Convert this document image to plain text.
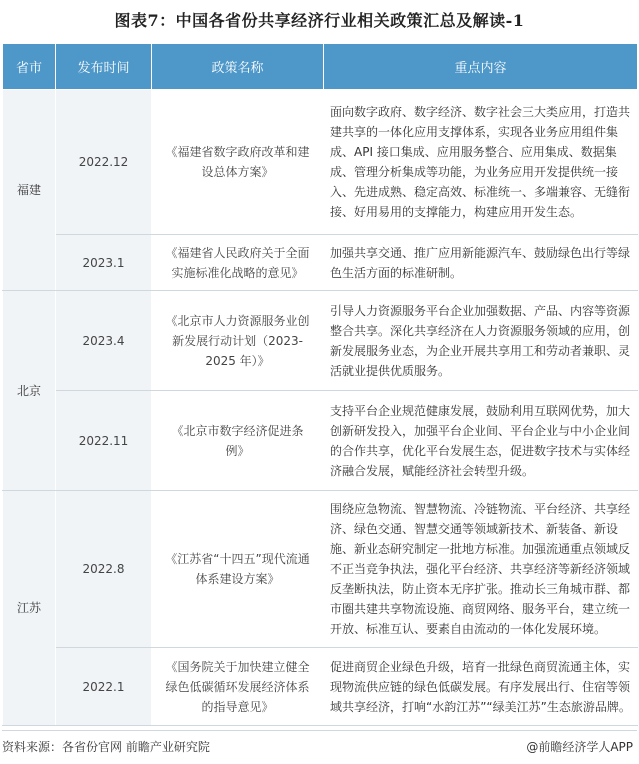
图表7：中国各省份共享经济行业相关政策汇总及解读-1
省市	发布时间	政策名称	重点内容
福建	2022.12	《福建省数字政府改革和建设总体方案》	面向数字政府、数字经济、数字社会三大类应用，打造共建共享的一体化应用支撑体系，实现各业务应用组件集成、API 接口集成、应用服务整合、应用集成、数据集成、管理分析集成等功能，为业务应用开发提供统一接入、先进成熟、稳定高效、标准统一、多端兼容、无缝衔接、好用易用的支撑能力，构建应用开发生态。
	2023.1	《福建省人民政府关于全面实施标准化战略的意见》	加强共享交通、推广应用新能源汽车、鼓励绿色出行等绿色生活方面的标准研制。
北京	2023.4	《北京市人力资源服务业创新发展行动计划（2023-2025 年）》	引导人力资源服务平台企业加强数据、产品、内容等资源整合共享。深化共享经济在人力资源服务领域的应用，创新发展服务业态，为企业开展共享用工和劳动者兼职、灵活就业提供优质服务。
	2022.11	《北京市数字经济促进条例》	支持平台企业规范健康发展，鼓励利用互联网优势，加大创新研发投入，加强平台企业间、平台企业与中小企业间的合作共享，优化平台发展生态，促进数字技术与实体经济融合发展，赋能经济社会转型升级。
江苏	2022.8	《江苏省“十四五”现代流通体系建设方案》	围绕应急物流、智慧物流、冷链物流、平台经济、共享经济、绿色交通、智慧交通等领域新技术、新装备、新设施、新业态研究制定一批地方标准。加强流通重点领域反不正当竞争执法，强化平台经济、共享经济等新经济领域反垄断执法，防止资本无序扩张。推动长三角城市群、都市圈共建共享物流设施、商贸网络、服务平台，建立统一开放、标准互认、要素自由流动的一体化发展环境。
	2022.1	《国务院关于加快建立健全绿色低碳循环发展经济体系的指导意见》	促进商贸企业绿色升级，培育一批绿色商贸流通主体，实现物流供应链的绿色低碳发展。有序发展出行、住宿等领域共享经济，打响“水韵江苏”“绿美江苏”生态旅游品牌。
资料来源：各省份官网 前瞻产业研究院	@前瞻经济学人APP
